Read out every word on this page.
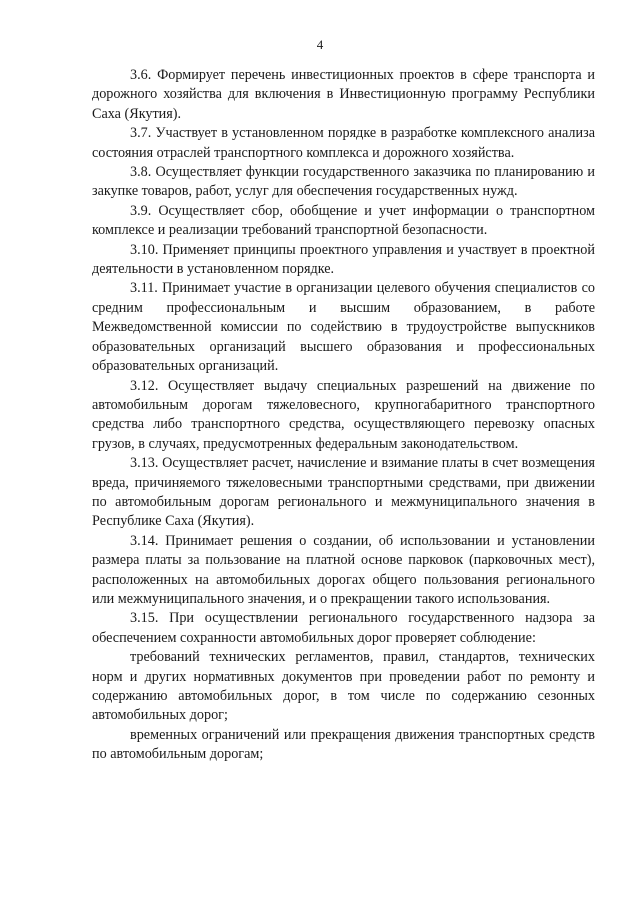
4

3.6. Формирует перечень инвестиционных проектов в сфере транспорта и дорожного хозяйства для включения в Инвестиционную программу Республики Саха (Якутия).

3.7. Участвует в установленном порядке в разработке комплексного анализа состояния отраслей транспортного комплекса и дорожного хозяйства.

3.8. Осуществляет функции государственного заказчика по планированию и закупке товаров, работ, услуг для обеспечения государственных нужд.

3.9. Осуществляет сбор, обобщение и учет информации о транспортном комплексе и реализации требований транспортной безопасности.

3.10. Применяет принципы проектного управления и участвует в проектной деятельности в установленном порядке.

3.11. Принимает участие в организации целевого обучения специалистов со средним профессиональным и высшим образованием, в работе Межведомственной комиссии по содействию в трудоустройстве выпускников образовательных организаций высшего образования и профессиональных образовательных организаций.

3.12. Осуществляет выдачу специальных разрешений на движение по автомобильным дорогам тяжеловесного, крупногабаритного транспортного средства либо транспортного средства, осуществляющего перевозку опасных грузов, в случаях, предусмотренных федеральным законодательством.

3.13. Осуществляет расчет, начисление и взимание платы в счет возмещения вреда, причиняемого тяжеловесными транспортными средствами, при движении по автомобильным дорогам регионального и межмуниципального значения в Республике Саха (Якутия).

3.14. Принимает решения о создании, об использовании и установлении размера платы за пользование на платной основе парковок (парковочных мест), расположенных на автомобильных дорогах общего пользования регионального или межмуниципального значения, и о прекращении такого использования.

3.15. При осуществлении регионального государственного надзора за обеспечением сохранности автомобильных дорог проверяет соблюдение:

требований технических регламентов, правил, стандартов, технических норм и других нормативных документов при проведении работ по ремонту и содержанию автомобильных дорог, в том числе по содержанию сезонных автомобильных дорог;

временных ограничений или прекращения движения транспортных средств по автомобильным дорогам;
